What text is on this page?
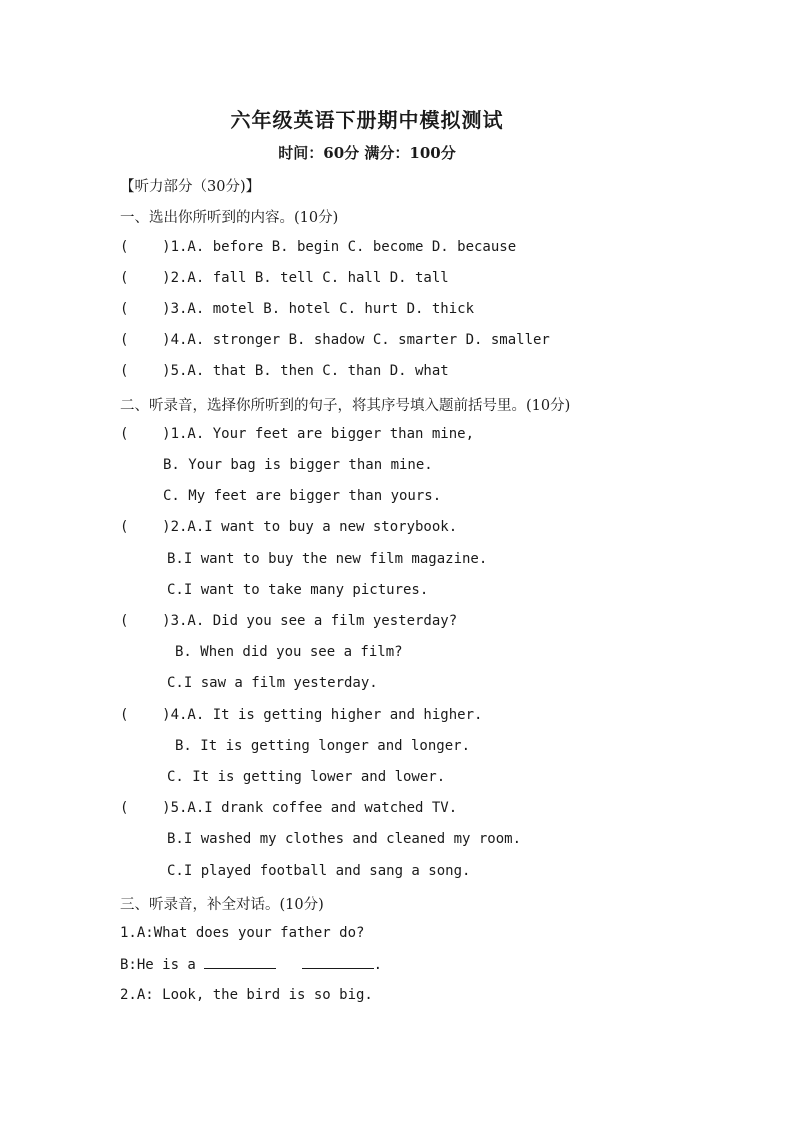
六年级英语下册期中模拟测试
时间：60分 满分：100分
【听力部分（30分)】
一、选出你所听到的内容。(10分)
(    )1.A. before B. begin C. become D. because
(    )2.A. fall B. tell C. hall D. tall
(    )3.A. motel B. hotel C. hurt D. thick
(    )4.A. stronger B. shadow C. smarter D. smaller
(    )5.A. that B. then C. than D. what
二、听录音，选择你所听到的句子，将其序号填入题前括号里。(10分)
(    )1.A. Your feet are bigger than mine,
B. Your bag is bigger than mine.
C. My feet are bigger than yours.
(    )2.A.I want to buy a new storybook.
B.I want to buy the new film magazine.
C.I want to take many pictures.
(    )3.A. Did you see a film yesterday?
B. When did you see a film?
C.I saw a film yesterday.
(    )4.A. It is getting higher and higher.
B. It is getting longer and longer.
C. It is getting lower and lower.
(    )5.A.I drank coffee and watched TV.
B.I washed my clothes and cleaned my room.
C.I played football and sang a song.
三、听录音，补全对话。(10分)
1.A:What does your father do?
B:He is a	.
2.A: Look, the bird is so big.
